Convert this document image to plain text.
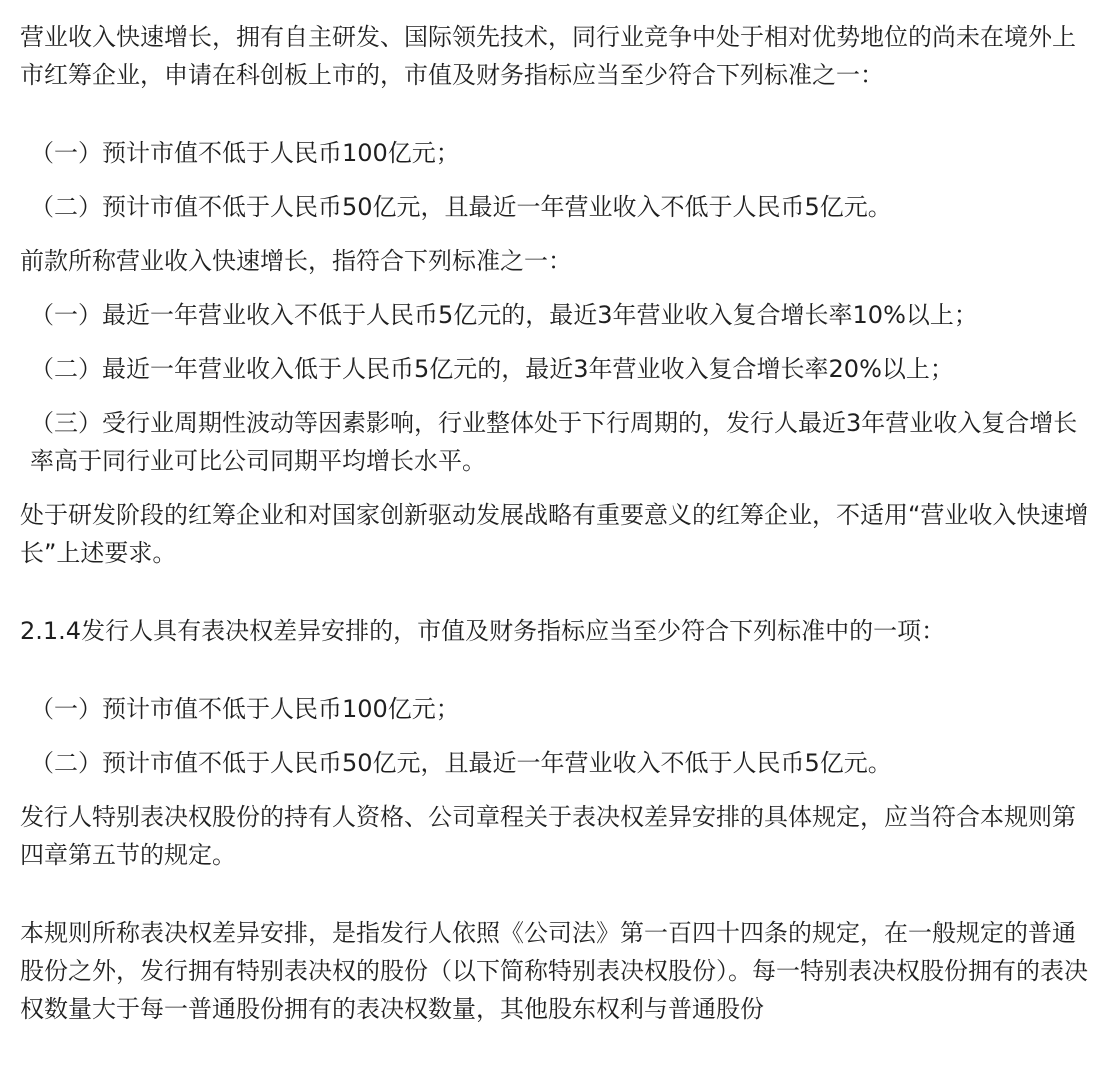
营业收入快速增长，拥有自主研发、国际领先技术，同行业竞争中处于相对优势地位的尚未在境外上市红筹企业，申请在科创板上市的，市值及财务指标应当至少符合下列标准之一：

（一）预计市值不低于人民币100亿元；

（二）预计市值不低于人民币50亿元，且最近一年营业收入不低于人民币5亿元。

前款所称营业收入快速增长，指符合下列标准之一：

（一）最近一年营业收入不低于人民币5亿元的，最近3年营业收入复合增长率10%以上；

（二）最近一年营业收入低于人民币5亿元的，最近3年营业收入复合增长率20%以上；

（三）受行业周期性波动等因素影响，行业整体处于下行周期的，发行人最近3年营业收入复合增长率高于同行业可比公司同期平均增长水平。

处于研发阶段的红筹企业和对国家创新驱动发展战略有重要意义的红筹企业，不适用“营业收入快速增长”上述要求。

2.1.4发行人具有表决权差异安排的，市值及财务指标应当至少符合下列标准中的一项：

（一）预计市值不低于人民币100亿元；

（二）预计市值不低于人民币50亿元，且最近一年营业收入不低于人民币5亿元。

发行人特别表决权股份的持有人资格、公司章程关于表决权差异安排的具体规定，应当符合本规则第四章第五节的规定。

本规则所称表决权差异安排，是指发行人依照《公司法》第一百四十四条的规定，在一般规定的普通股份之外，发行拥有特别表决权的股份（以下简称特别表决权股份）。每一特别表决权股份拥有的表决权数量大于每一普通股份拥有的表决权数量，其他股东权利与普通股份
